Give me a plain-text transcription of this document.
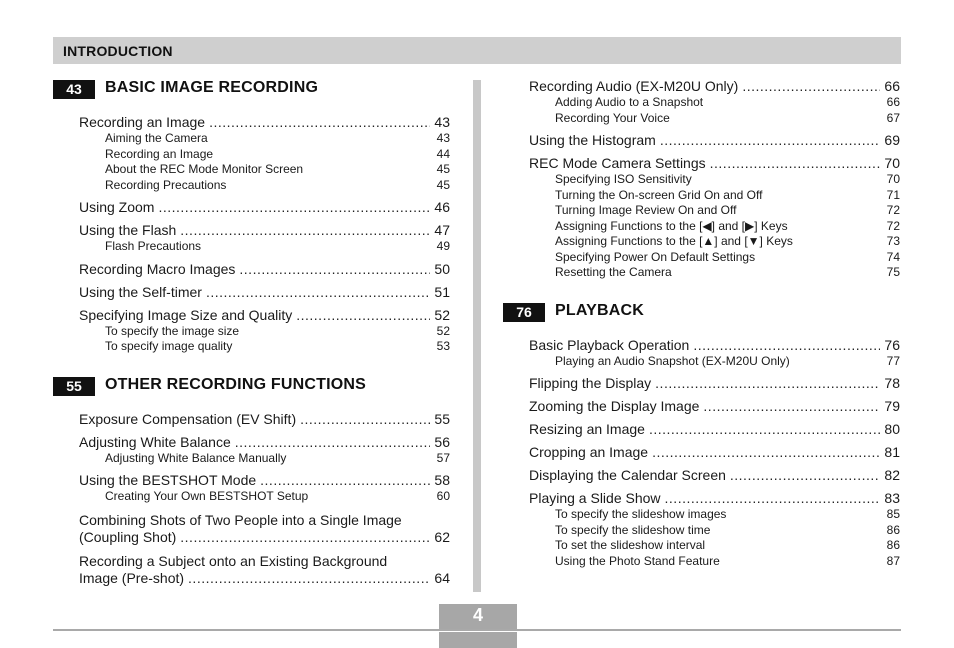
INTRODUCTION
43	BASIC IMAGE RECORDING
Recording an Image .....	43
Aiming the Camera	43
Recording an Image	44
About the REC Mode Monitor Screen	45
Recording Precautions	45
Using Zoom .....	46
Using the Flash .....	47
Flash Precautions	49
Recording Macro Images .....	50
Using the Self-timer .....	51
Specifying Image Size and Quality .....	52
To specify the image size	52
To specify image quality	53
55	OTHER RECORDING FUNCTIONS
Exposure Compensation (EV Shift) .....	55
Adjusting White Balance .....	56
Adjusting White Balance Manually	57
Using the BESTSHOT Mode .....	58
Creating Your Own BESTSHOT Setup	60
Combining Shots of Two People into a Single Image
(Coupling Shot) .....	62
Recording a Subject onto an Existing Background
Image (Pre-shot) .....	64
Recording Audio (EX-M20U Only) .....	66
Adding Audio to a Snapshot	66
Recording Your Voice	67
Using the Histogram .....	69
REC Mode Camera Settings .....	70
Specifying ISO Sensitivity	70
Turning the On-screen Grid On and Off	71
Turning Image Review On and Off	72
Assigning Functions to the [◀] and [▶] Keys	72
Assigning Functions to the [▲] and [▼] Keys	73
Specifying Power On Default Settings	74
Resetting the Camera	75
76	PLAYBACK
Basic Playback Operation .....	76
Playing an Audio Snapshot (EX-M20U Only)	77
Flipping the Display .....	78
Zooming the Display Image .....	79
Resizing an Image .....	80
Cropping an Image .....	81
Displaying the Calendar Screen .....	82
Playing a Slide Show .....	83
To specify the slideshow images	85
To specify the slideshow time	86
To set the slideshow interval	86
Using the Photo Stand Feature	87
4
